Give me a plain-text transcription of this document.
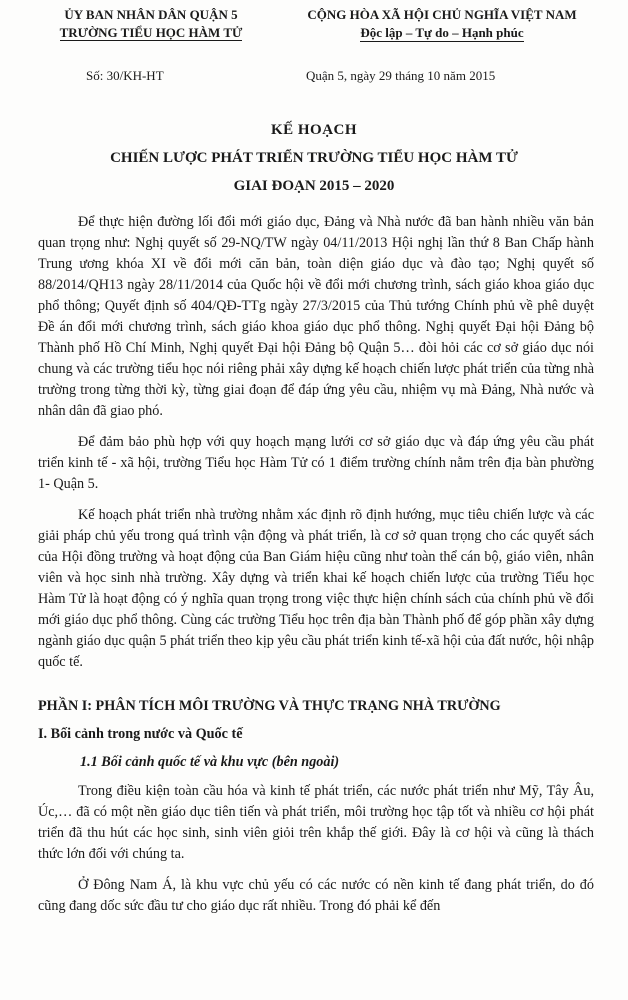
ỦY BAN NHÂN DÂN QUẬN 5
TRƯỜNG TIỂU HỌC HÀM TỬ
CỘNG HÒA XÃ HỘI CHỦ NGHĨA VIỆT NAM
Độc lập – Tự do – Hạnh phúc
Số: 30/KH-HT	Quận 5, ngày 29 tháng 10 năm 2015
KẾ HOẠCH
CHIẾN LƯỢC PHÁT TRIỂN TRƯỜNG TIỂU HỌC HÀM TỬ
GIAI ĐOẠN 2015 – 2020

Để thực hiện đường lối đổi mới giáo dục, Đảng và Nhà nước đã ban hành nhiều văn bản quan trọng như: Nghị quyết số 29-NQ/TW ngày 04/11/2013 Hội nghị lần thứ 8 Ban Chấp hành Trung ương khóa XI về đổi mới căn bản, toàn diện giáo dục và đào tạo; Nghị quyết số 88/2014/QH13 ngày 28/11/2014 của Quốc hội về đổi mới chương trình, sách giáo khoa giáo dục phổ thông; Quyết định số 404/QĐ-TTg ngày 27/3/2015 của Thủ tướng Chính phủ về phê duyệt Đề án đổi mới chương trình, sách giáo khoa giáo dục phổ thông. Nghị quyết Đại hội Đảng bộ Thành phố Hồ Chí Minh, Nghị quyết Đại hội Đảng bộ Quận 5… đòi hỏi các cơ sở giáo dục nói chung và các trường tiểu học nói riêng phải xây dựng kế hoạch chiến lược phát triển của từng nhà trường trong từng thời kỳ, từng giai đoạn để đáp ứng yêu cầu, nhiệm vụ mà Đảng, Nhà nước và nhân dân đã giao phó.

Để đảm bảo phù hợp với quy hoạch mạng lưới cơ sở giáo dục và đáp ứng yêu cầu phát triển kinh tế - xã hội, trường Tiểu học Hàm Tử có 1 điểm trường chính nằm trên địa bàn phường 1- Quận 5.

Kế hoạch phát triển nhà trường nhằm xác định rõ định hướng, mục tiêu chiến lược và các giải pháp chủ yếu trong quá trình vận động và phát triển, là cơ sở quan trọng cho các quyết sách của Hội đồng trường và hoạt động của Ban Giám hiệu cũng như toàn thể cán bộ, giáo viên, nhân viên và học sinh nhà trường. Xây dựng và triển khai kế hoạch chiến lược của trường Tiểu học Hàm Tử là hoạt động có ý nghĩa quan trọng trong việc thực hiện chính sách của chính phủ về đổi mới giáo dục phổ thông. Cùng các trường Tiểu học trên địa bàn Thành phố để góp phần xây dựng ngành giáo dục quận 5 phát triển theo kịp yêu cầu phát triển kinh tế-xã hội của đất nước, hội nhập quốc tế.

PHẦN I: PHÂN TÍCH MÔI TRƯỜNG VÀ THỰC TRẠNG NHÀ TRƯỜNG
I. Bối cảnh trong nước và Quốc tế
1.1 Bối cảnh quốc tế và khu vực (bên ngoài)

Trong điều kiện toàn cầu hóa và kinh tế phát triển, các nước phát triển như Mỹ, Tây Âu, Úc,… đã có một nền giáo dục tiên tiến và phát triển, môi trường học tập tốt và nhiều cơ hội phát triển đã thu hút các học sinh, sinh viên giỏi trên khắp thế giới. Đây là cơ hội và cũng là thách thức lớn đối với chúng ta.

Ở Đông Nam Á, là khu vực chủ yếu có các nước có nền kinh tế đang phát triển, do đó cũng đang dốc sức đầu tư cho giáo dục rất nhiều. Trong đó phải kể đến
